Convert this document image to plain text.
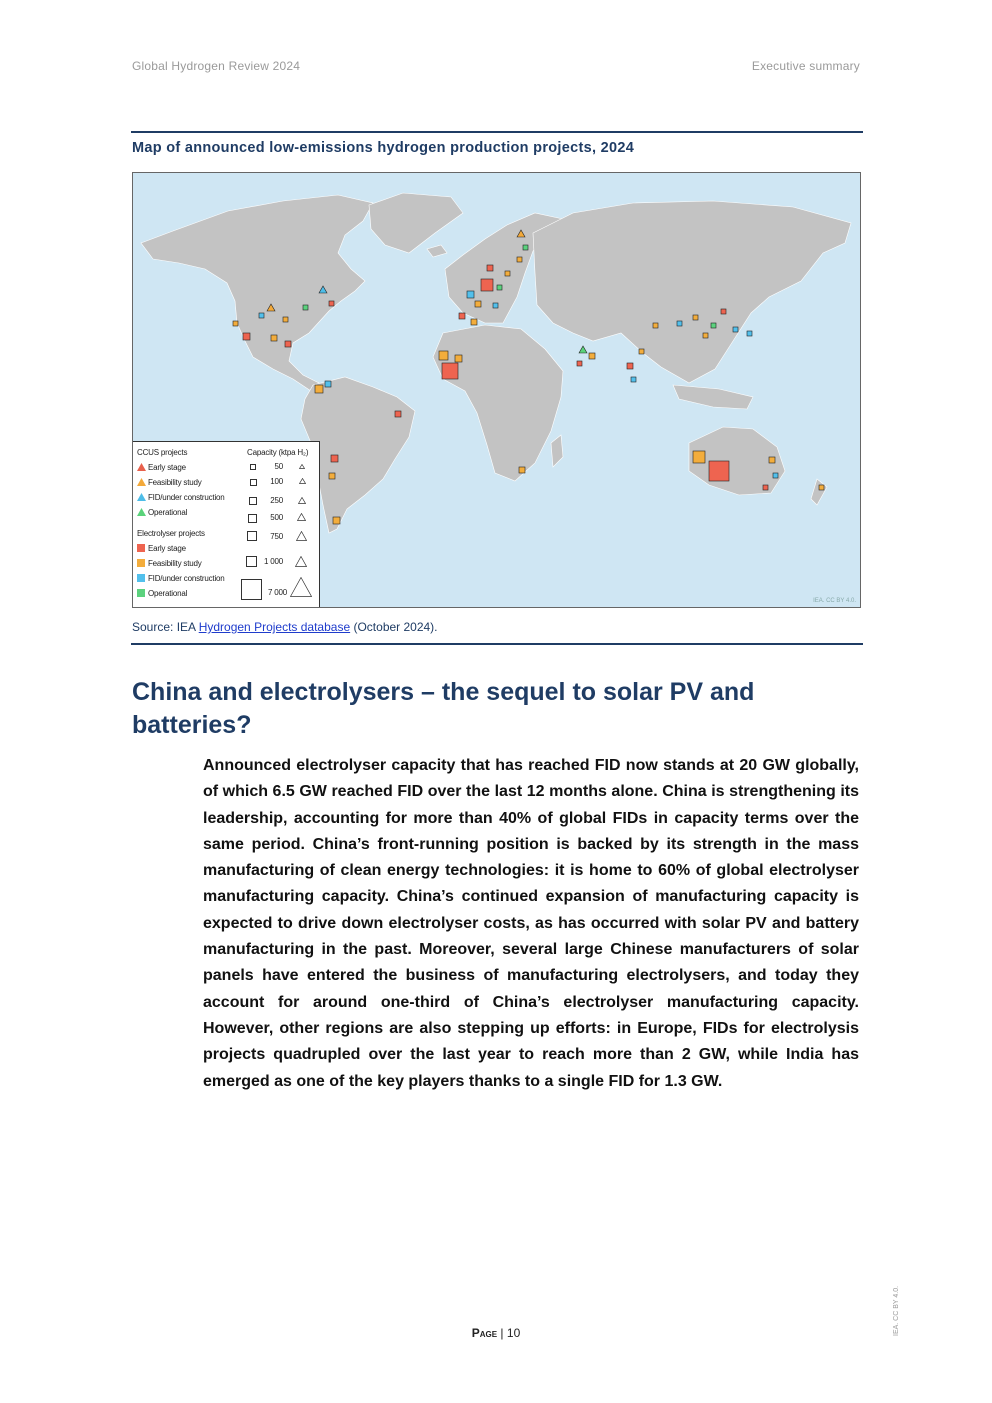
Global Hydrogen Review 2024	Executive summary
Map of announced low-emissions hydrogen production projects, 2024
CCUS projects	Capacity (ktpa H₂)
Early stage
Feasibility study
FID/under construction
Operational
Electrolyser projects
Early stage
Feasibility study
FID/under construction
Operational
50
100
250
500
750
1 000
7 000
IEA. CC BY 4.0.
Source: IEA Hydrogen Projects database (October 2024).
China and electrolysers – the sequel to solar PV and batteries?

Announced electrolyser capacity that has reached FID now stands at 20 GW globally, of which 6.5 GW reached FID over the last 12 months alone. China is strengthening its leadership, accounting for more than 40% of global FIDs in capacity terms over the same period. China’s front-running position is backed by its strength in the mass manufacturing of clean energy technologies: it is home to 60% of global electrolyser manufacturing capacity. China’s continued expansion of manufacturing capacity is expected to drive down electrolyser costs, as has occurred with solar PV and battery manufacturing in the past. Moreover, several large Chinese manufacturers of solar panels have entered the business of manufacturing electrolysers, and today they account for around one-third of China’s electrolyser manufacturing capacity. However, other regions are also stepping up efforts: in Europe, FIDs for electrolysis projects quadrupled over the last year to reach more than 2 GW, while India has emerged as one of the key players thanks to a single FID for 1.3 GW.

Page | 10	IEA. CC BY 4.0.
